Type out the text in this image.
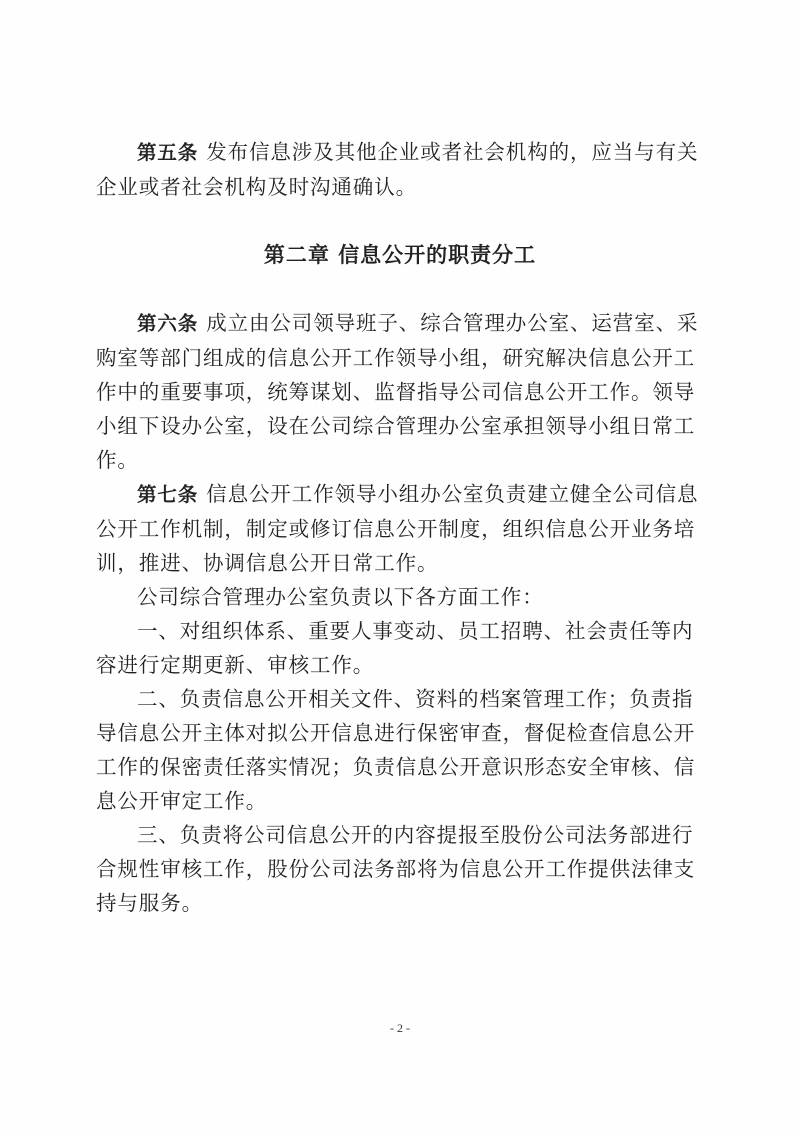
第五条 发布信息涉及其他企业或者社会机构的，应当与有关企业或者社会机构及时沟通确认。

第二章 信息公开的职责分工

第六条 成立由公司领导班子、综合管理办公室、运营室、采购室等部门组成的信息公开工作领导小组，研究解决信息公开工作中的重要事项，统筹谋划、监督指导公司信息公开工作。领导小组下设办公室，设在公司综合管理办公室承担领导小组日常工作。

第七条 信息公开工作领导小组办公室负责建立健全公司信息公开工作机制，制定或修订信息公开制度，组织信息公开业务培训，推进、协调信息公开日常工作。

公司综合管理办公室负责以下各方面工作：

一、对组织体系、重要人事变动、员工招聘、社会责任等内容进行定期更新、审核工作。

二、负责信息公开相关文件、资料的档案管理工作；负责指导信息公开主体对拟公开信息进行保密审查，督促检查信息公开工作的保密责任落实情况；负责信息公开意识形态安全审核、信息公开审定工作。

三、负责将公司信息公开的内容提报至股份公司法务部进行合规性审核工作，股份公司法务部将为信息公开工作提供法律支持与服务。

- 2 -
